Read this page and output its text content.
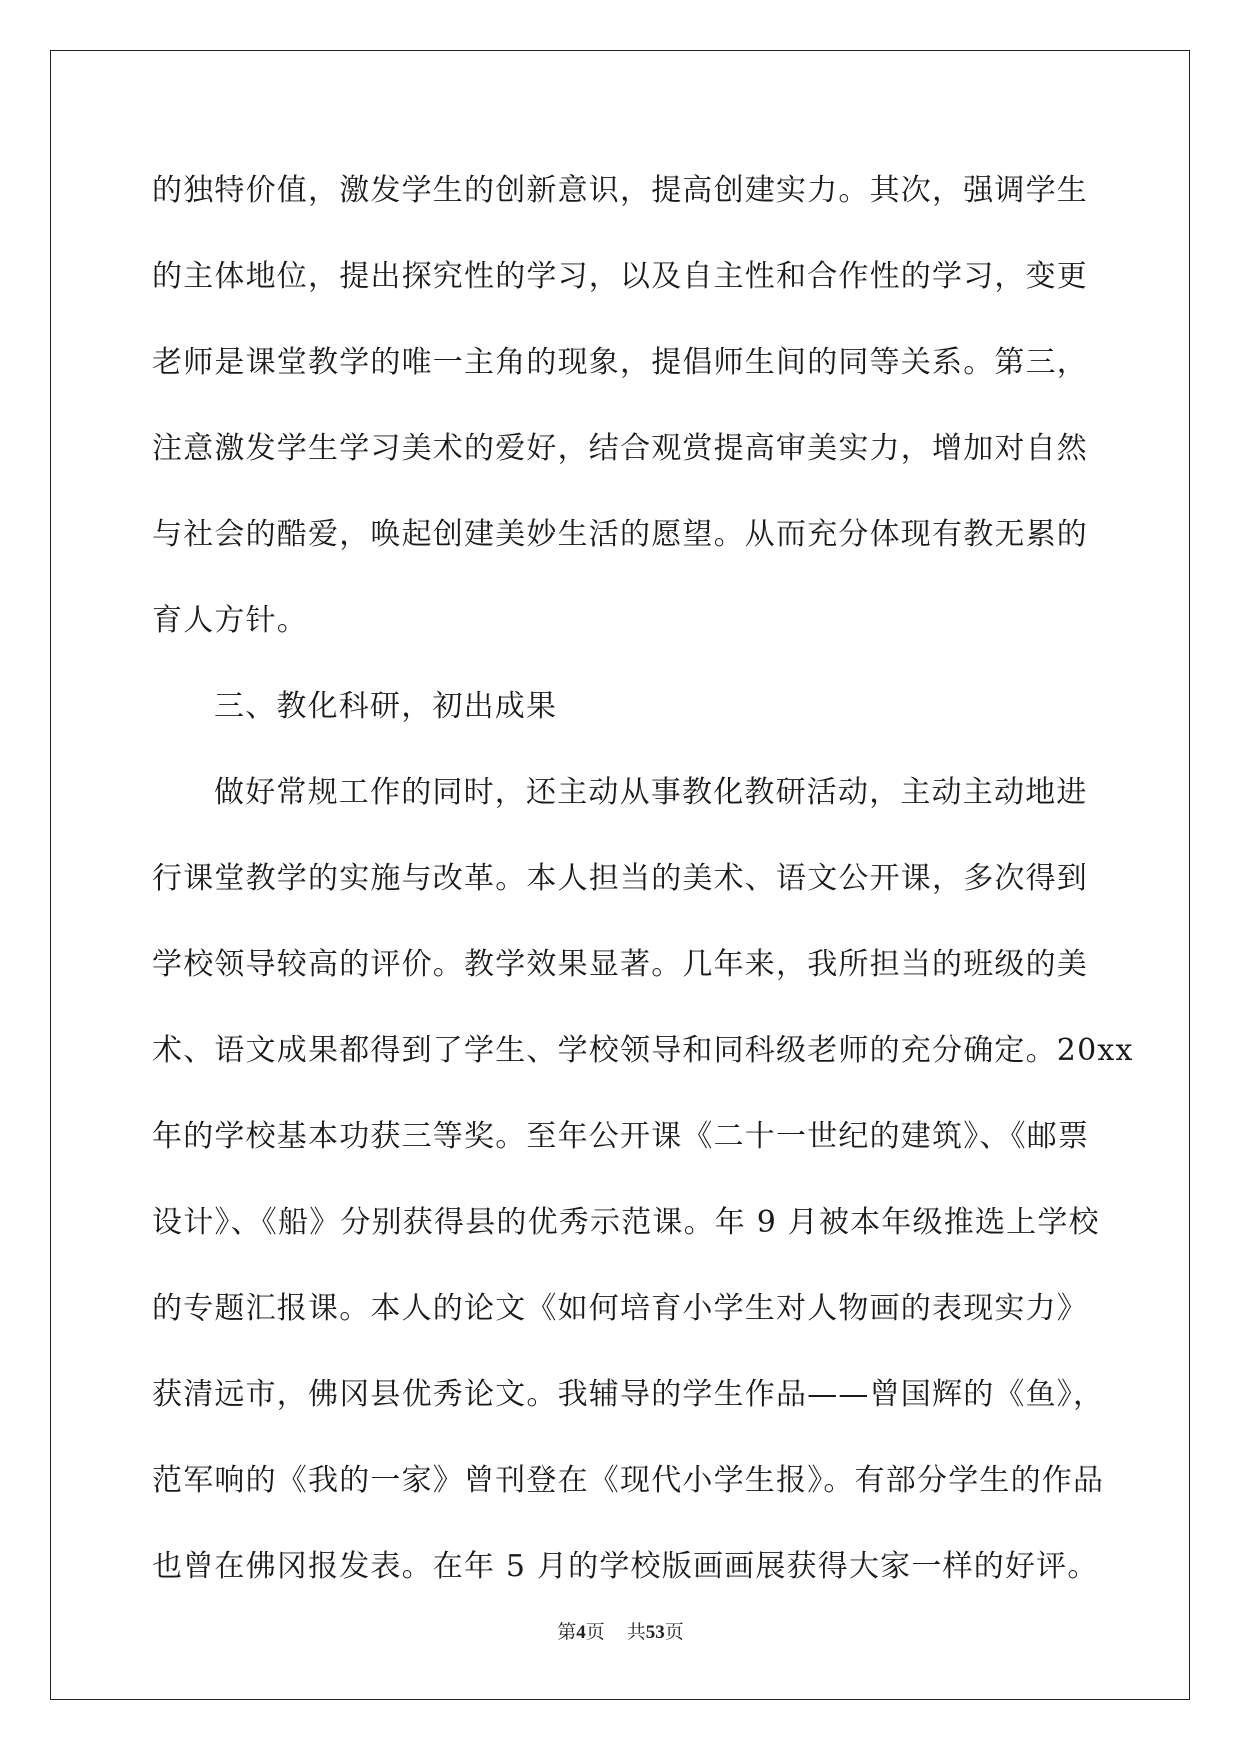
的独特价值，激发学生的创新意识，提高创建实力。其次，强调学生
的主体地位，提出探究性的学习，以及自主性和合作性的学习，变更
老师是课堂教学的唯一主角的现象，提倡师生间的同等关系。第三，
注意激发学生学习美术的爱好，结合观赏提高审美实力，增加对自然
与社会的酷爱，唤起创建美妙生活的愿望。从而充分体现有教无累的
育人方针。
三、教化科研，初出成果
做好常规工作的同时，还主动从事教化教研活动，主动主动地进
行课堂教学的实施与改革。本人担当的美术、语文公开课，多次得到
学校领导较高的评价。教学效果显著。几年来，我所担当的班级的美
术、语文成果都得到了学生、学校领导和同科级老师的充分确定。20xx
年的学校基本功获三等奖。至年公开课《二十一世纪的建筑》、《邮票
设计》、《船》分别获得县的优秀示范课。年 9 月被本年级推选上学校
的专题汇报课。本人的论文《如何培育小学生对人物画的表现实力》
获清远市，佛冈县优秀论文。我辅导的学生作品——曾国辉的《鱼》，
范军响的《我的一家》曾刊登在《现代小学生报》。有部分学生的作品
也曾在佛冈报发表。在年 5 月的学校版画画展获得大家一样的好评。
第4页 共53页
